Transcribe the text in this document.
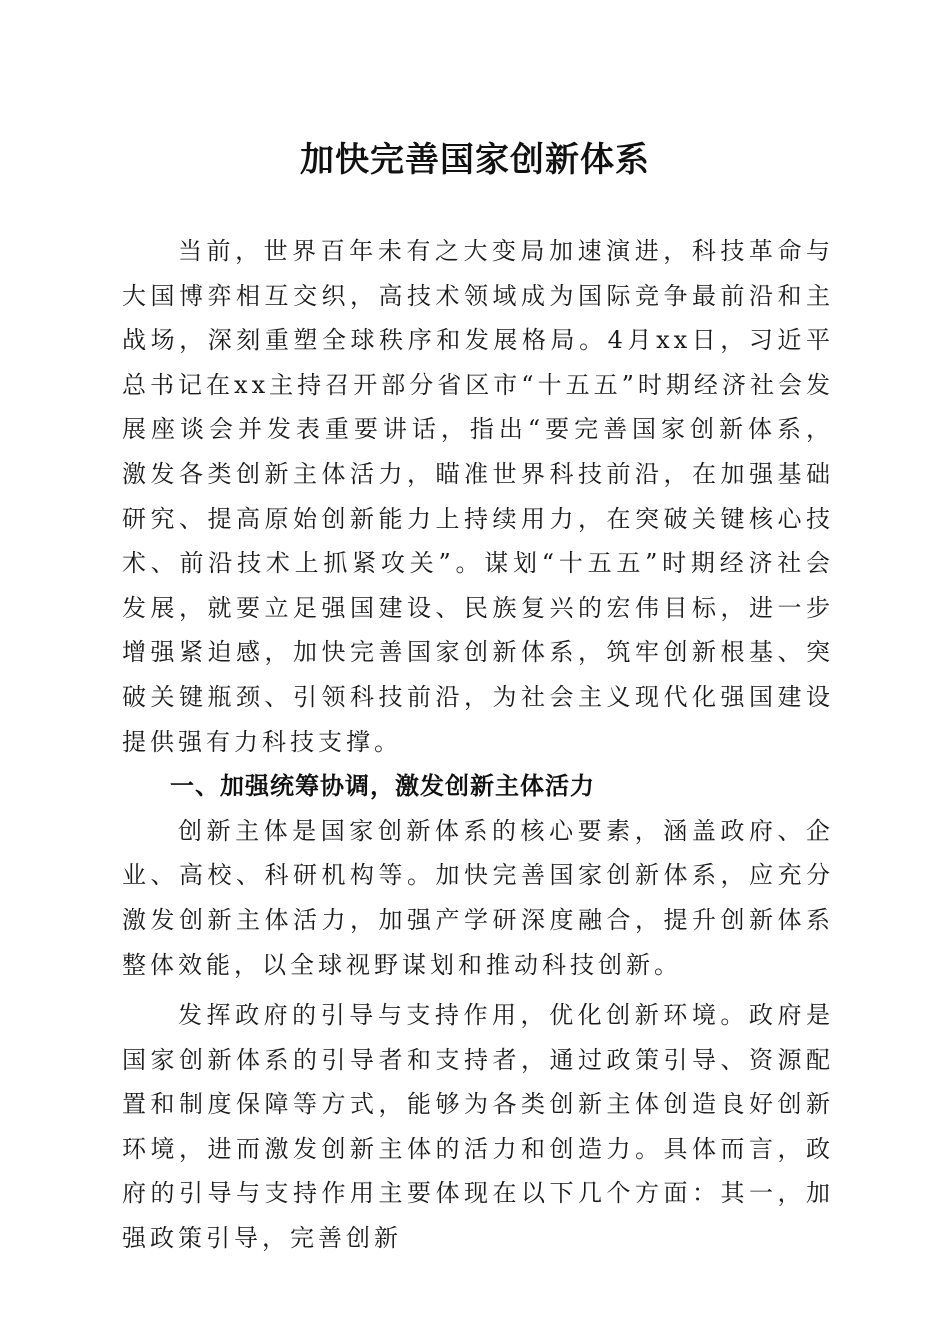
加快完善国家创新体系

当前，世界百年未有之大变局加速演进，科技革命与大国博弈相互交织，高技术领域成为国际竞争最前沿和主战场，深刻重塑全球秩序和发展格局。4月xx日，习近平总书记在xx主持召开部分省区市“十五五”时期经济社会发展座谈会并发表重要讲话，指出“要完善国家创新体系，激发各类创新主体活力，瞄准世界科技前沿，在加强基础研究、提高原始创新能力上持续用力，在突破关键核心技术、前沿技术上抓紧攻关”。谋划“十五五”时期经济社会发展，就要立足强国建设、民族复兴的宏伟目标，进一步增强紧迫感，加快完善国家创新体系，筑牢创新根基、突破关键瓶颈、引领科技前沿，为社会主义现代化强国建设提供强有力科技支撑。

一、加强统筹协调，激发创新主体活力

创新主体是国家创新体系的核心要素，涵盖政府、企业、高校、科研机构等。加快完善国家创新体系，应充分激发创新主体活力，加强产学研深度融合，提升创新体系整体效能，以全球视野谋划和推动科技创新。

发挥政府的引导与支持作用，优化创新环境。政府是国家创新体系的引导者和支持者，通过政策引导、资源配置和制度保障等方式，能够为各类创新主体创造良好创新环境，进而激发创新主体的活力和创造力。具体而言，政府的引导与支持作用主要体现在以下几个方面：其一，加强政策引导，完善创新
